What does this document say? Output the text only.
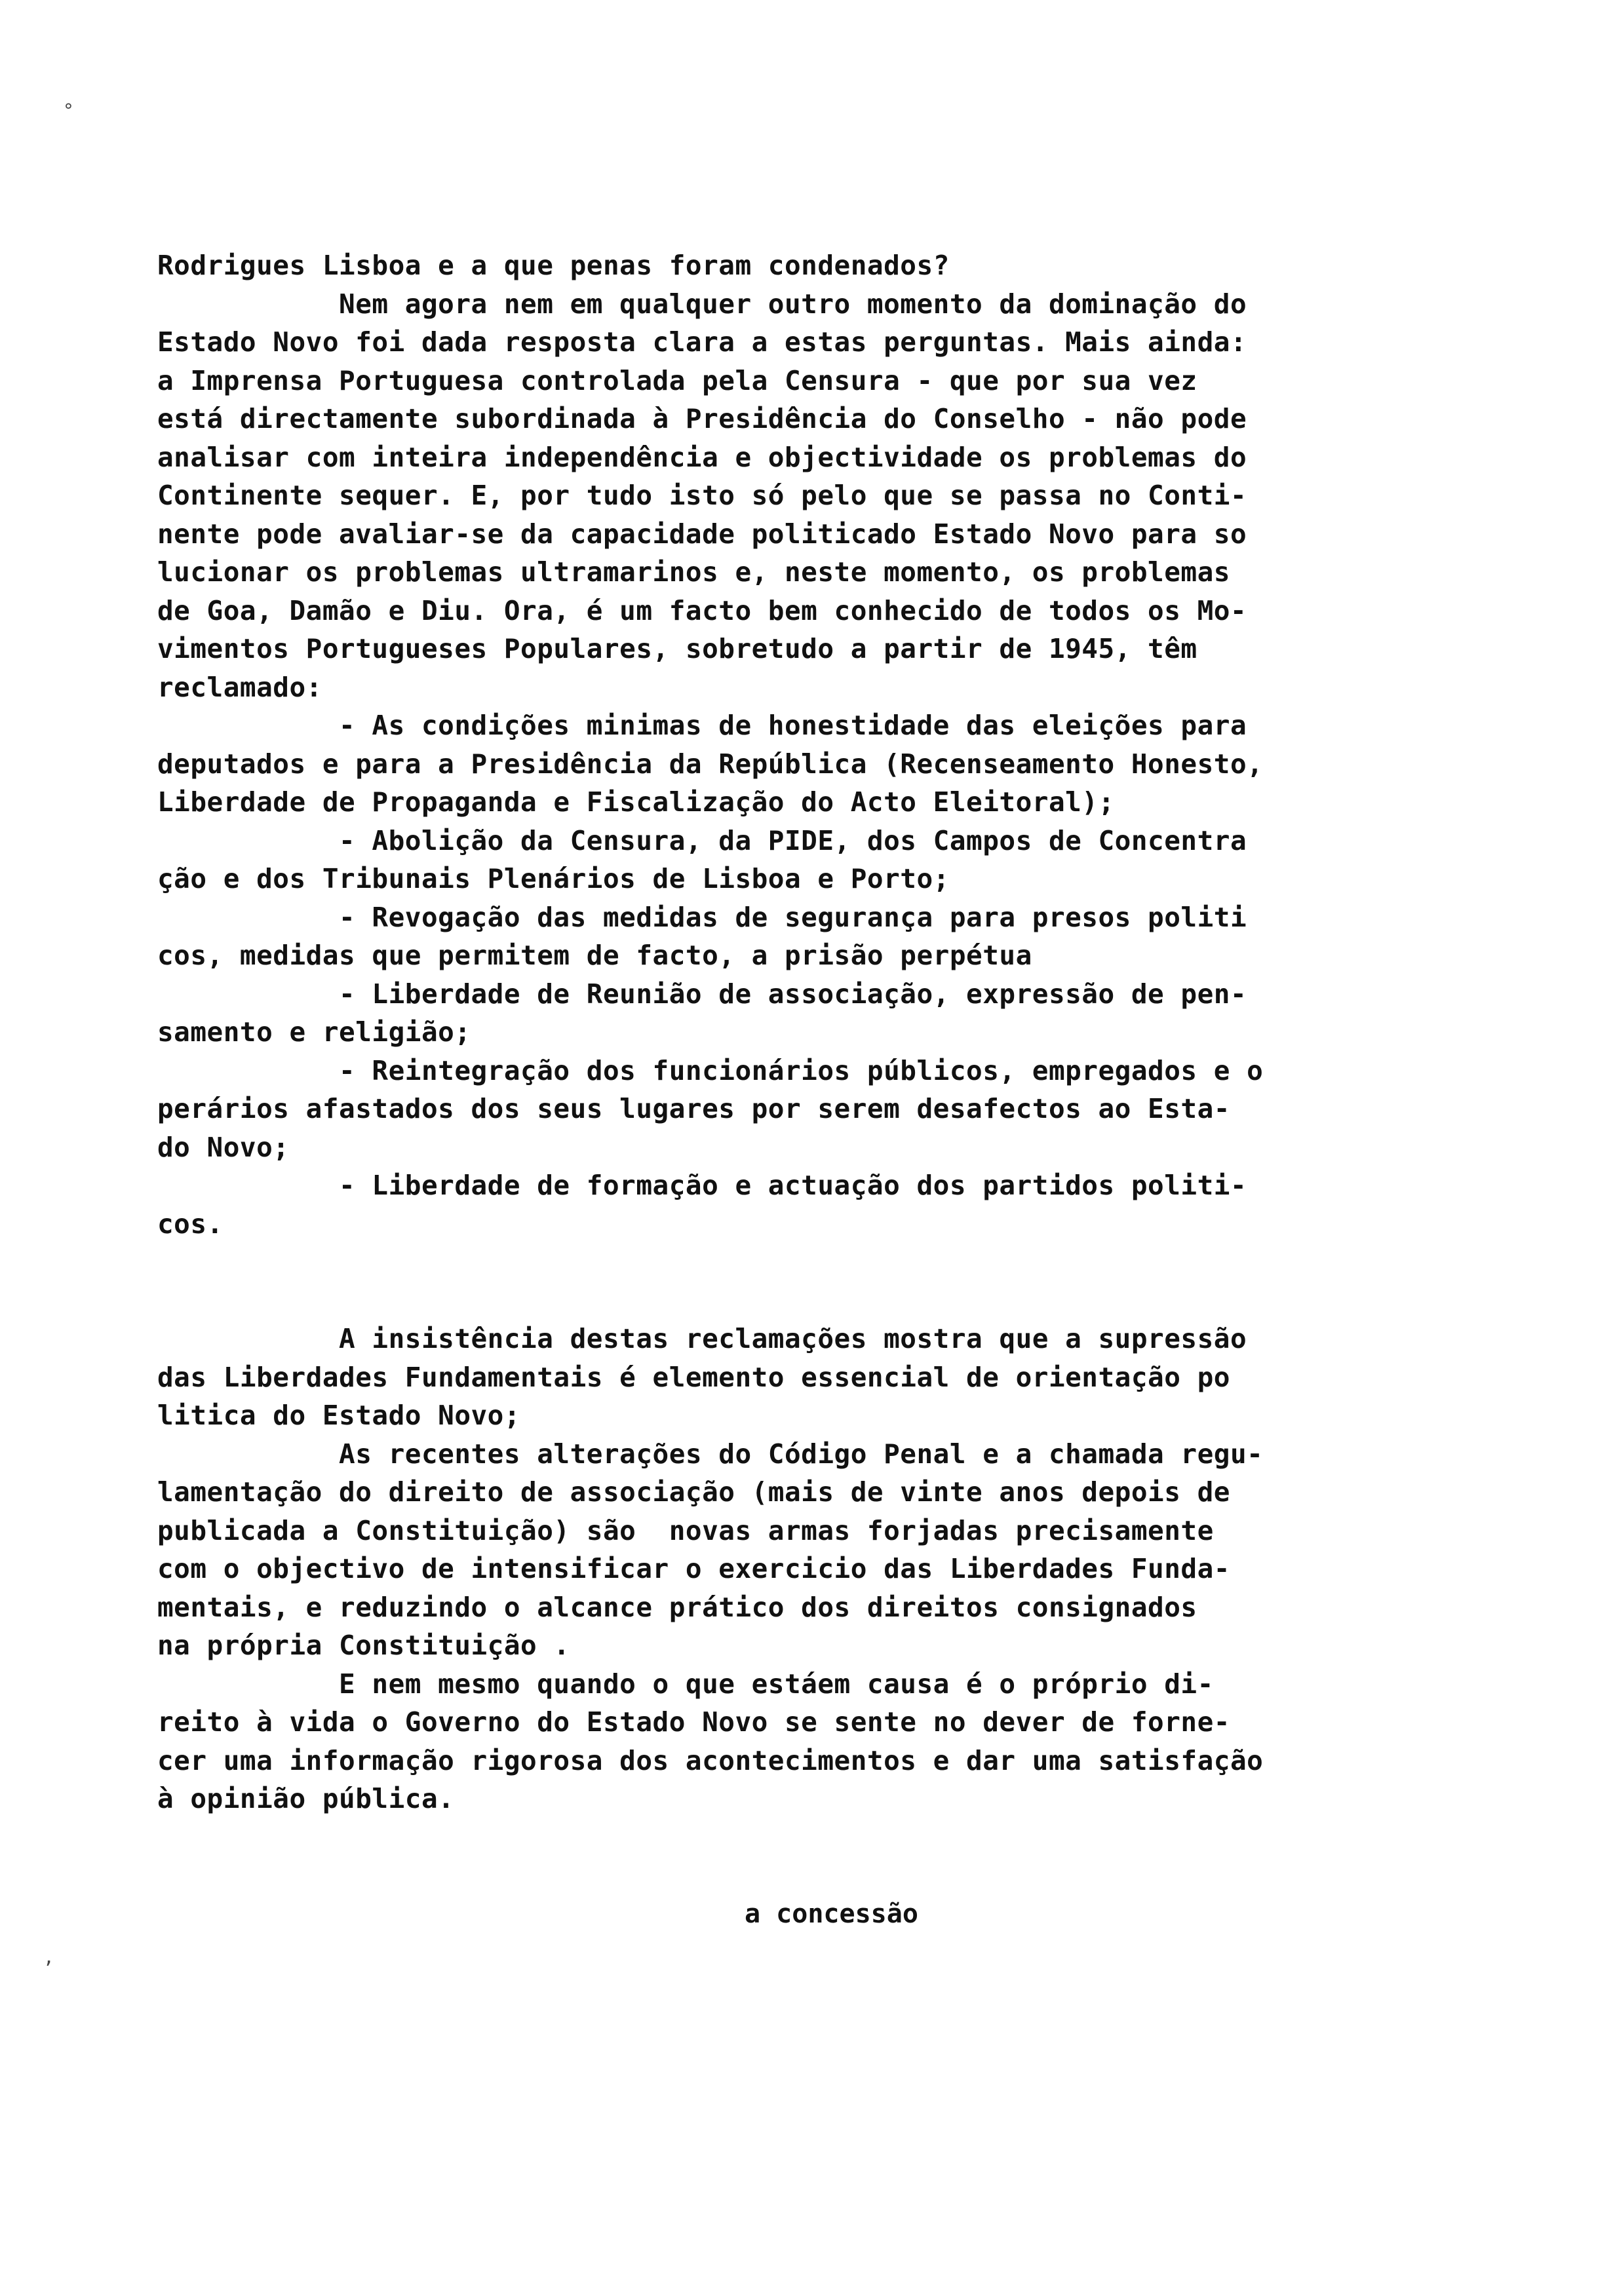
°
,
Rodrigues Lisboa e a que penas foram condenados?
Nem agora nem em qualquer outro momento da dominação do
Estado Novo foi dada resposta clara a estas perguntas. Mais ainda:
a Imprensa Portuguesa controlada pela Censura - que por sua vez
está directamente subordinada à Presidência do Conselho - não pode
analisar com inteira independência e objectividade os problemas do
Continente sequer. E, por tudo isto só pelo que se passa no Conti-
nente pode avaliar-se da capacidade politicado Estado Novo para so
lucionar os problemas ultramarinos e, neste momento, os problemas
de Goa, Damão e Diu. Ora, é um facto bem conhecido de todos os Mo-
vimentos Portugueses Populares, sobretudo a partir de 1945, têm
reclamado:
- As condições minimas de honestidade das eleições para
deputados e para a Presidência da República (Recenseamento Honesto,
Liberdade de Propaganda e Fiscalização do Acto Eleitoral);
- Abolição da Censura, da PIDE, dos Campos de Concentra
ção e dos Tribunais Plenários de Lisboa e Porto;
- Revogação das medidas de segurança para presos politi
cos, medidas que permitem de facto, a prisão perpétua
- Liberdade de Reunião de associação, expressão de pen-
samento e religião;
- Reintegração dos funcionários públicos, empregados e o
perários afastados dos seus lugares por serem desafectos ao Esta-
do Novo;
- Liberdade de formação e actuação dos partidos politi-
cos.
A insistência destas reclamações mostra que a supressão
das Liberdades Fundamentais é elemento essencial de orientação po
litica do Estado Novo;
As recentes alterações do Código Penal e a chamada regu-
lamentação do direito de associação (mais de vinte anos depois de
publicada a Constituição) são  novas armas forjadas precisamente
com o objectivo de intensificar o exercicio das Liberdades Funda-
mentais, e reduzindo o alcance prático dos direitos consignados
na própria Constituição .
E nem mesmo quando o que estáem causa é o próprio di-
reito à vida o Governo do Estado Novo se sente no dever de forne-
cer uma informação rigorosa dos acontecimentos e dar uma satisfação
à opinião pública.
a concessão
